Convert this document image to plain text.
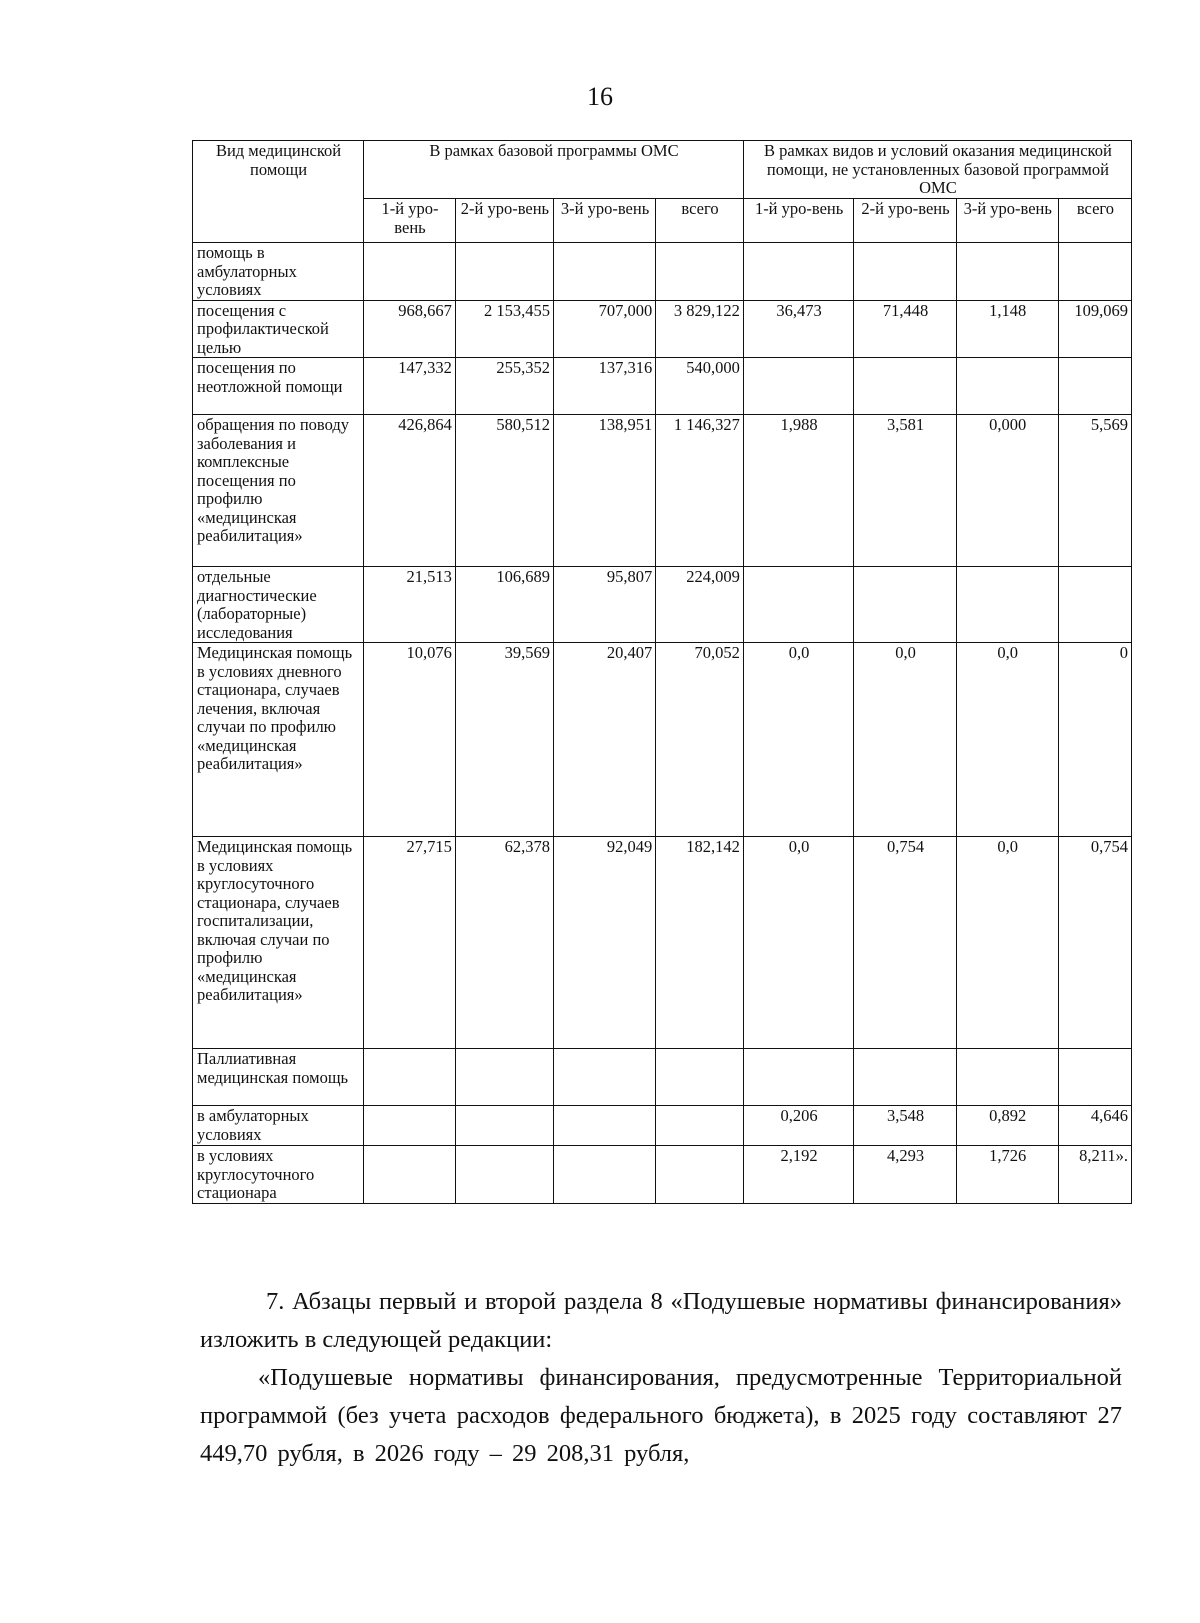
16
Вид медицинской помощи	В рамках базовой программы ОМС				В рамках видов и условий оказания медицинской помощи, не установленных базовой программой ОМС			
	1-й уро-вень	2-й уро-вень	3-й уро-вень	всего	1-й уро-вень	2-й уро-вень	3-й уро-вень	всего
помощь в амбулаторных условиях								
посещения с профилактической целью	968,667	2 153,455	707,000	3 829,122	36,473	71,448	1,148	109,069
посещения по неотложной помощи	147,332	255,352	137,316	540,000				
обращения по поводу заболевания и комплексные посещения по профилю «медицинская реабилитация»	426,864	580,512	138,951	1 146,327	1,988	3,581	0,000	5,569
отдельные диагностические (лабораторные) исследования	21,513	106,689	95,807	224,009				
Медицинская помощь в условиях дневного стационара, случаев лечения, включая случаи по профилю «медицинская реабилитация»	10,076	39,569	20,407	70,052	0,0	0,0	0,0	0
Медицинская помощь в условиях круглосуточного стационара, случаев госпитализации, включая случаи по профилю «медицинская реабилитация»	27,715	62,378	92,049	182,142	0,0	0,754	0,0	0,754
Паллиативная медицинская помощь								
в амбулаторных условиях					0,206	3,548	0,892	4,646
в условиях круглосуточного стационара					2,192	4,293	1,726	8,211».
7. Абзацы первый и второй раздела 8 «Подушевые нормативы финансирования» изложить в следующей редакции:
«Подушевые нормативы финансирования, предусмотренные Территориальной программой (без учета расходов федерального бюджета), в 2025 году составляют 27 449,70 рубля, в 2026 году – 29 208,31 рубля,
